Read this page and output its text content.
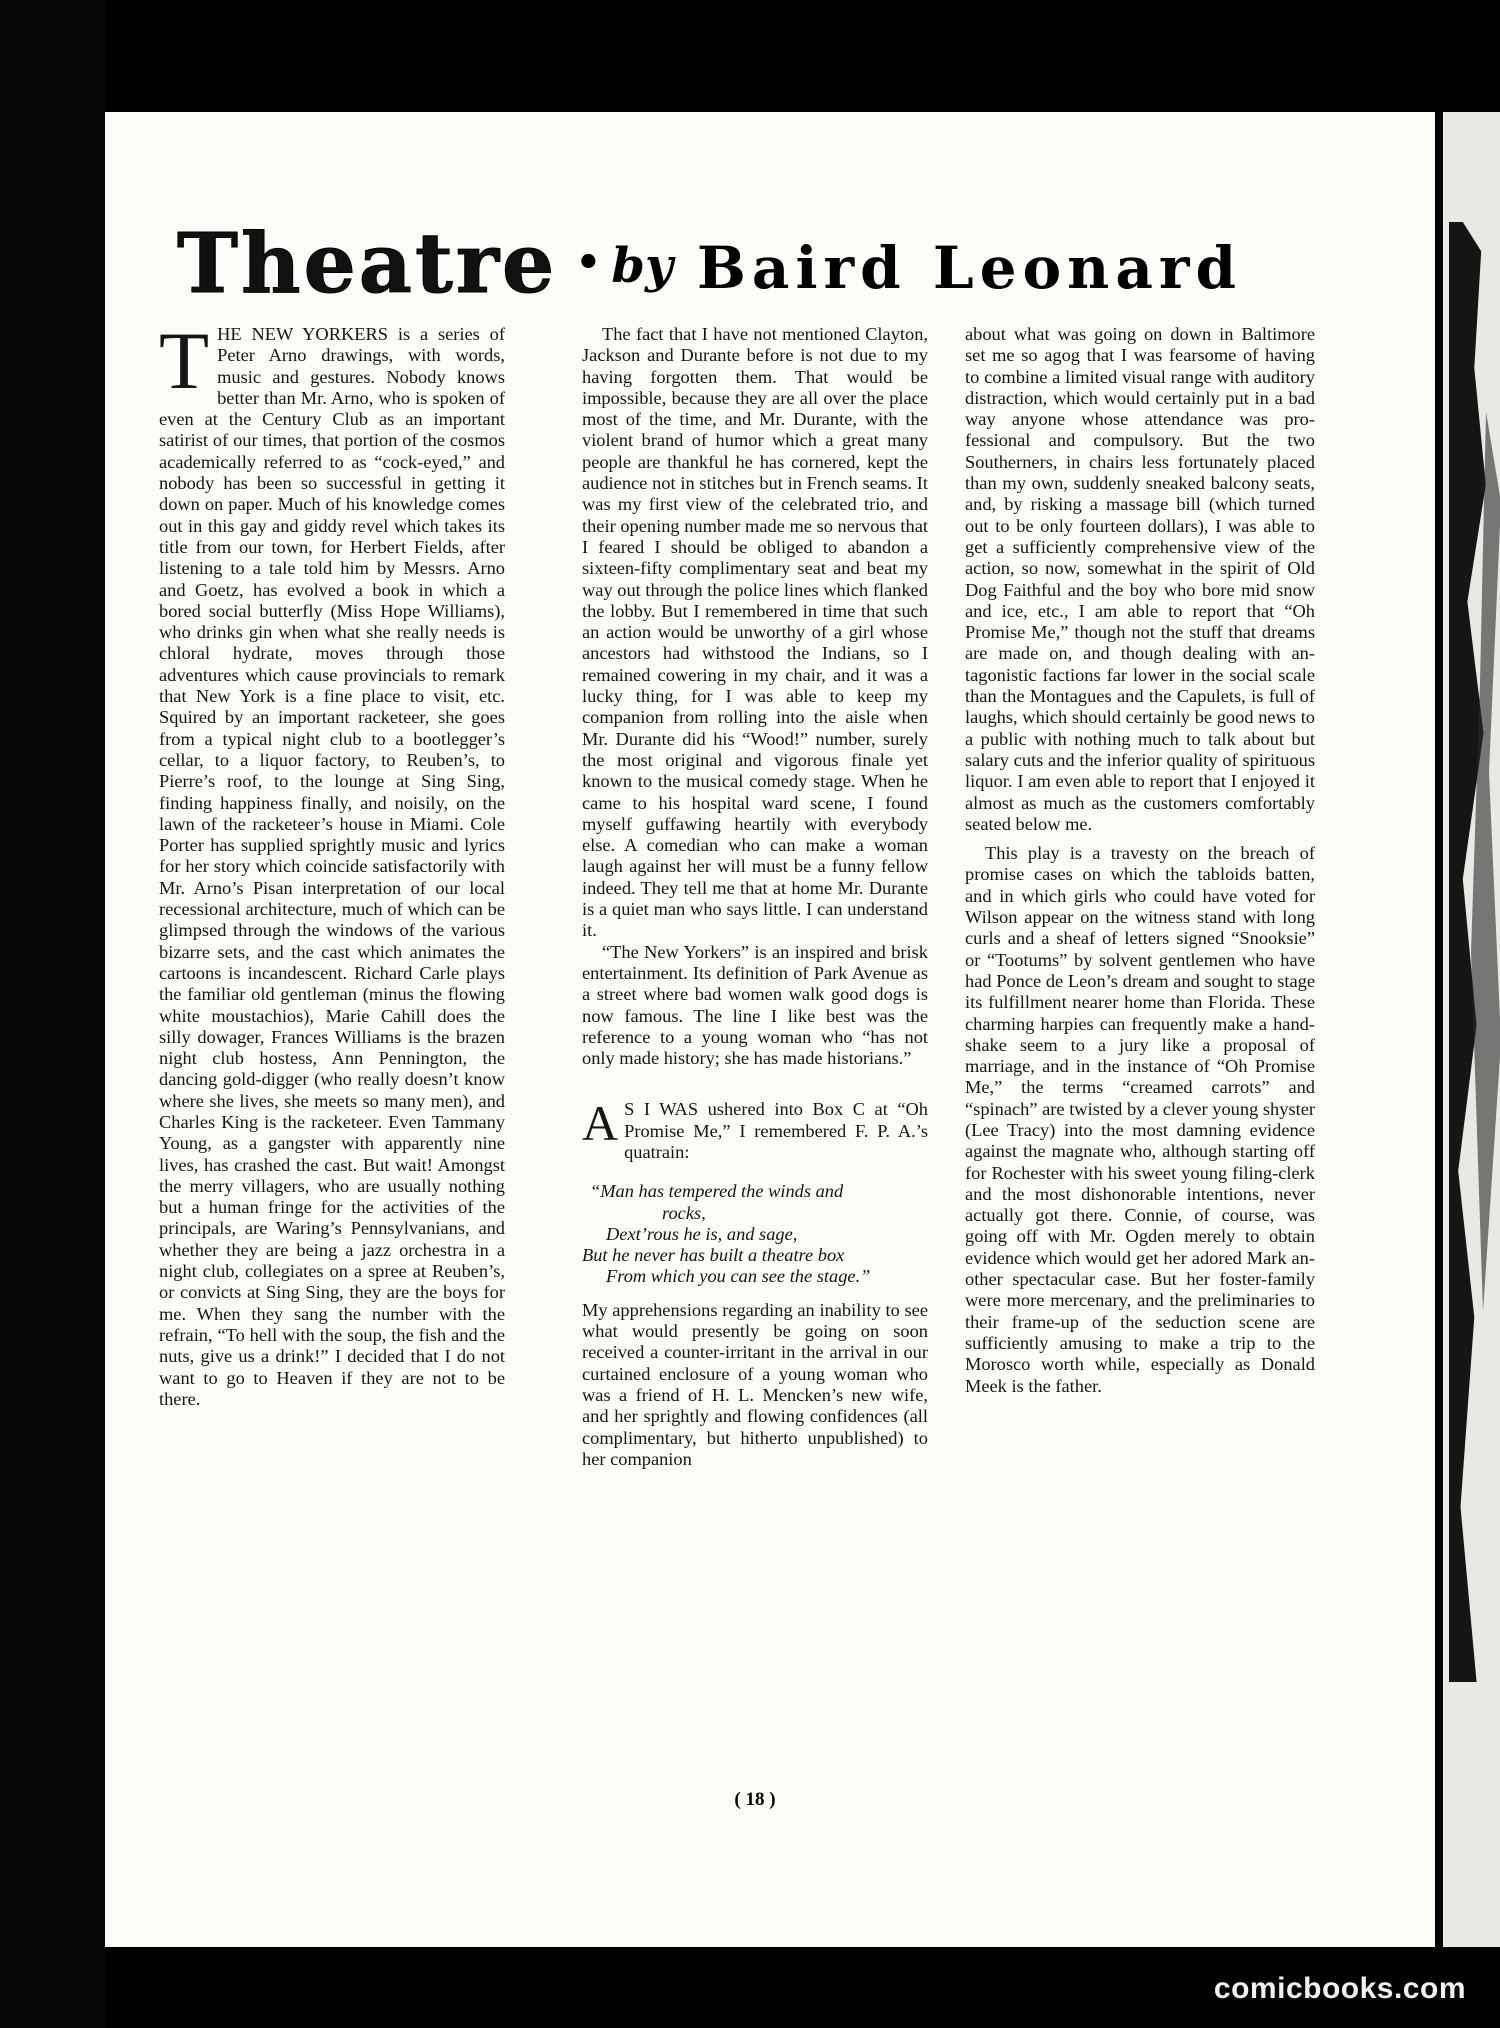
Theatre • by Baird Leonard

THE NEW YORKERS is a series of Peter Arno drawings, with words, music and gestures. Nobody knows better than Mr. Arno, who is spoken of even at the Century Club as an important satirist of our times, that portion of the cosmos academically referred to as “cock-eyed,” and nobody has been so successful in getting it down on paper. Much of his knowledge comes out in this gay and giddy revel which takes its title from our town, for Herbert Fields, after listening to a tale told him by Messrs. Arno and Goetz, has evolved a book in which a bored social butterfly (Miss Hope Williams), who drinks gin when what she really needs is chloral hydrate, moves through those adventures which cause provincials to remark that New York is a fine place to visit, etc. Squired by an important racketeer, she goes from a typical night club to a bootlegger’s cellar, to a liquor factory, to Reuben’s, to Pierre’s roof, to the lounge at Sing Sing, finding happiness finally, and noisily, on the lawn of the racketeer’s house in Miami. Cole Porter has supplied sprightly music and lyrics for her story which coincide satisfactorily with Mr. Arno’s Pisan interpretation of our local recessional architecture, much of which can be glimpsed through the windows of the various bizarre sets, and the cast which animates the cartoons is incandescent. Richard Carle plays the familiar old gentleman (minus the flowing white moustachios), Marie Cahill does the silly dowager, Frances Williams is the brazen night club hostess, Ann Pennington, the dancing gold-digger (who really doesn’t know where she lives, she meets so many men), and Charles King is the racketeer. Even Tammany Young, as a gangster with apparently nine lives, has crashed the cast. But wait! Amongst the merry villagers, who are usually nothing but a human fringe for the activities of the principals, are Waring’s Pennsylvanians, and whether they are being a jazz orchestra in a night club, collegiates on a spree at Reuben’s, or convicts at Sing Sing, they are the boys for me. When they sang the number with the refrain, “To hell with the soup, the fish and the nuts, give us a drink!” I decided that I do not want to go to Heaven if they are not to be there.

The fact that I have not mentioned Clayton, Jackson and Durante before is not due to my having forgotten them. That would be impossible, because they are all over the place most of the time, and Mr. Durante, with the violent brand of humor which a great many people are thankful he has cornered, kept the audience not in stitches but in French seams. It was my first view of the celebrated trio, and their opening number made me so nervous that I feared I should be obliged to abandon a sixteen-fifty complimentary seat and beat my way out through the police lines which flanked the lobby. But I remembered in time that such an action would be unworthy of a girl whose ancestors had withstood the Indians, so I remained cowering in my chair, and it was a lucky thing, for I was able to keep my companion from rolling into the aisle when Mr. Durante did his “Wood!” number, surely the most original and vigorous finale yet known to the musical comedy stage. When he came to his hospital ward scene, I found myself guffawing heartily with everybody else. A comedian who can make a woman laugh against her will must be a funny fellow indeed. They tell me that at home Mr. Durante is a quiet man who says little. I can understand it.

“The New Yorkers” is an inspired and brisk entertainment. Its definition of Park Avenue as a street where bad women walk good dogs is now famous. The line I like best was the reference to a young woman who “has not only made history; she has made historians.”

A S I WAS ushered into Box C at “Oh Promise Me,” I remembered F. P. A.’s quatrain:

“Man has tempered the winds and
rocks,
Dext’rous he is, and sage,
But he never has built a theatre box
From which you can see the stage.”

My apprehensions regarding an inability to see what would presently be going on soon received a counter-irritant in the arrival in our curtained enclosure of a young woman who was a friend of H. L. Mencken’s new wife, and her sprightly and flowing confidences (all complimentary, but hitherto unpublished) to her companion

about what was going on down in Baltimore set me so agog that I was fearsome of having to combine a limited visual range with auditory distraction, which would certainly put in a bad way anyone whose attendance was professional and compulsory. But the two Southerners, in chairs less fortunately placed than my own, suddenly sneaked balcony seats, and, by risking a massage bill (which turned out to be only fourteen dollars), I was able to get a sufficiently comprehensive view of the action, so now, somewhat in the spirit of Old Dog Faithful and the boy who bore mid snow and ice, etc., I am able to report that “Oh Promise Me,” though not the stuff that dreams are made on, and though dealing with antagonistic factions far lower in the social scale than the Montagues and the Capulets, is full of laughs, which should certainly be good news to a public with nothing much to talk about but salary cuts and the inferior quality of spirituous liquor. I am even able to report that I enjoyed it almost as much as the customers comfortably seated below me.

This play is a travesty on the breach of promise cases on which the tabloids batten, and in which girls who could have voted for Wilson appear on the witness stand with long curls and a sheaf of letters signed “Snooksie” or “Tootums” by solvent gentlemen who have had Ponce de Leon’s dream and sought to stage its fulfillment nearer home than Florida. These charming harpies can frequently make a handshake seem to a jury like a proposal of marriage, and in the instance of “Oh Promise Me,” the terms “creamed carrots” and “spinach” are twisted by a clever young shyster (Lee Tracy) into the most damning evidence against the magnate who, although starting off for Rochester with his sweet young filing-clerk and the most dishonorable intentions, never actually got there. Connie, of course, was going off with Mr. Ogden merely to obtain evidence which would get her adored Mark another spectacular case. But her foster-family were more mercenary, and the preliminaries to their frame-up of the seduction scene are sufficiently amusing to make a trip to the Morosco worth while, especially as Donald Meek is the father.

( 18 )
comicbooks.com
